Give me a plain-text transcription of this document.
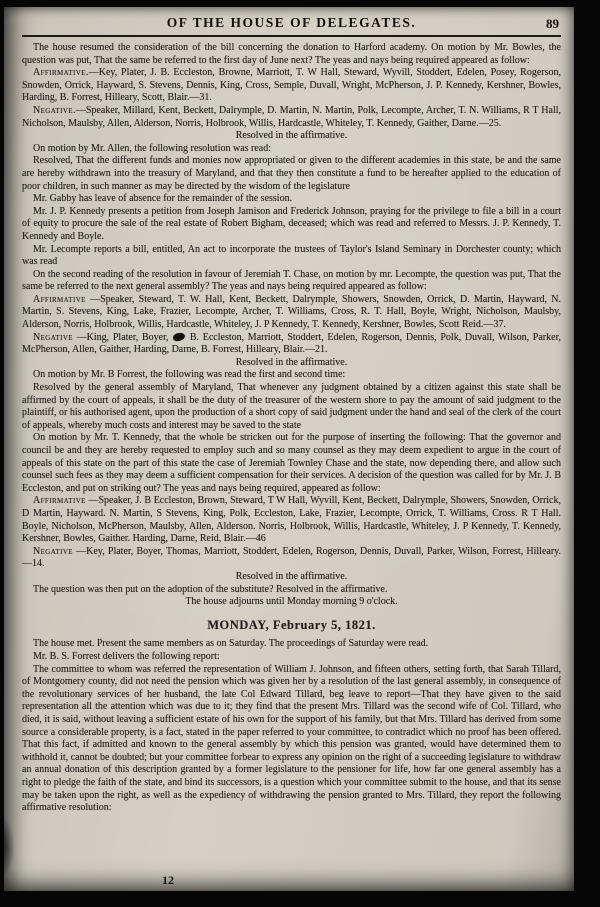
OF THE HOUSE OF DELEGATES.	89

The house resumed the consideration of the bill concerning the donation to Harford academy. On motion by Mr. Bowles, the question was put, That the same be referred to the first day of June next? The yeas and nays being required appeared as follow:

Affirmative.—Key, Plater, J. B. Eccleston, Browne, Marriott, T. W Hall, Steward, Wyvill, Stoddert, Edelen, Posey, Rogerson, Snowden, Orrick, Hayward, S. Stevens, Dennis, King, Cross, Semple, Duvall, Wright, McPherson, J. P. Kennedy, Kershner, Bowles, Harding, B. Forrest, Hilleary, Scott, Blair.—31.

Negative.—Speaker, Millard, Kent, Beckett, Dalrymple, D. Martin, N. Martin, Polk, Lecompte, Archer, T. N. Williams, R T Hall, Nicholson, Maulsby, Allen, Alderson, Norris, Holbrook, Willis, Hardcastle, Whiteley, T. Kennedy, Gaither, Darne.—25.

Resolved in the affirmative.

On motion by Mr. Allen, the following resolution was read:

Resolved, That the different funds and monies now appropriated or given to the different academies in this state, be and the same are hereby withdrawn into the treasury of Maryland, and that they then constitute a fund to be hereafter applied to the education of poor children, in such manner as may be directed by the wisdom of the legislature

Mr. Gabby has leave of absence for the remainder of the session.

Mr. J. P. Kennedy presents a petition from Joseph Jamison and Frederick Johnson, praying for the privilege to file a bill in a court of equity to procure the sale of the real estate of Robert Bigham, deceased; which was read and referred to Messrs. J. P. Kennedy, T. Kennedy and Boyle.

Mr. Lecompte reports a bill, entitled, An act to incorporate the trustees of Taylor's Island Seminary in Dorchester county; which was read

On the second reading of the resolution in favour of Jeremiah T. Chase, on motion by mr. Lecompte, the question was put, That the same be referred to the next general assembly? The yeas and nays being required appeared as follow:

Affirmative —Speaker, Steward, T. W. Hall, Kent, Beckett, Dalrymple, Showers, Snowden, Orrick, D. Martin, Hayward, N. Martin, S. Stevens, King, Lake, Frazier, Lecompte, Archer, T. Williams, Cross, R. T. Hall, Boyle, Wright, Nicholson, Maulsby, Alderson, Norris, Holbrook, Willis, Hardcastle, Whiteley, J. P Kennedy, T. Kennedy, Kershner, Bowles, Scott Reid.—37.

Negative —King, Plater, Boyer,  B. Eccleston, Marriott, Stoddert, Edelen, Rogerson, Dennis, Polk, Duvall, Wilson, Parker, McPherson, Allen, Gaither, Harding, Darne, B. Forrest, Hilleary, Blair.—21.

Resolved in the affirmative.

On motion by Mr. B Forrest, the following was read the first and second time:

Resolved by the general assembly of Maryland, That whenever any judgment obtained by a citizen against this state shall be affirmed by the court of appeals, it shall be the duty of the treasurer of the western shore to pay the amount of said judgment to the plaintiff, or his authorised agent, upon the production of a short copy of said judgment under the hand and seal of the clerk of the court of appeals, whereby much costs and interest may be saved to the state

On motion by Mr. T. Kennedy, that the whole be stricken out for the purpose of inserting the following: That the governor and council be and they are hereby requested to employ such and so many counsel as they may deem expedient to argue in the court of appeals of this state on the part of this state the case of Jeremiah Townley Chase and the state, now depending there, and allow such counsel such fees as they may deem a sufficient compensation for their services. A decision of the question was called for by Mr. J. B Eccleston, and put on striking out? The yeas and nays being required, appeared as follow:

Affirmative —Speaker, J. B Eccleston, Brown, Steward, T W Hall, Wyvill, Kent, Beckett, Dalrymple, Showers, Snowden, Orrick, D Martin, Hayward. N. Martin, S Stevens, King, Polk, Eccleston, Lake, Frazier, Lecompte, Orrick, T. Williams, Cross. R T Hall. Boyle, Nicholson, McPherson, Maulsby, Allen, Alderson. Norris, Holbrook, Willis, Hardcastle, Whiteley, J. P Kennedy, T. Kennedy, Kershner, Bowles, Gaither. Harding, Darne, Reid, Blair.—46

Negative —Key, Plater, Boyer, Thomas, Marriott, Stoddert, Edelen, Rogerson, Dennis, Duvall, Parker, Wilson, Forrest, Hilleary.—14.

Resolved in the affirmative.

The question was then put on the adoption of the substitute? Resolved in the affirmative.

The house adjourns until Monday morning 9 o'clock.

MONDAY, February 5, 1821.

The house met. Present the same members as on Saturday. The proceedings of Saturday were read.

Mr. B. S. Forrest delivers the following report:

The committee to whom was referred the representation of William J. Johnson, and fifteen others, setting forth, that Sarah Tillard, of Montgomery county, did not need the pension which was given her by a resolution of the last general assembly, in consequence of the revolutionary services of her husband, the late Col Edward Tillard, beg leave to report—That they have given to the said representation all the attention which was due to it; they find that the present Mrs. Tillard was the second wife of Col. Tillard, who died, it is said, without leaving a sufficient estate of his own for the support of his family, but that Mrs. Tillard has derived from some source a considerable property, is a fact, stated in the paper referred to your committee, to contradict which no proof has been offered. That this fact, if admitted and known to the general assembly by which this pension was granted, would have determined them to withhold it, cannot be doubted; but your committee forbear to express any opinion on the right of a succeeding legislature to withdraw an annual donation of this description granted by a former legislature to the pensioner for life, how far one general assembly has a right to pledge the faith of the state, and bind its successors, is a question which your committee submit to the house, and that its sense may be taken upon the right, as well as the expediency of withdrawing the pension granted to Mrs. Tillard, they report the following affirmative resolution:

12
